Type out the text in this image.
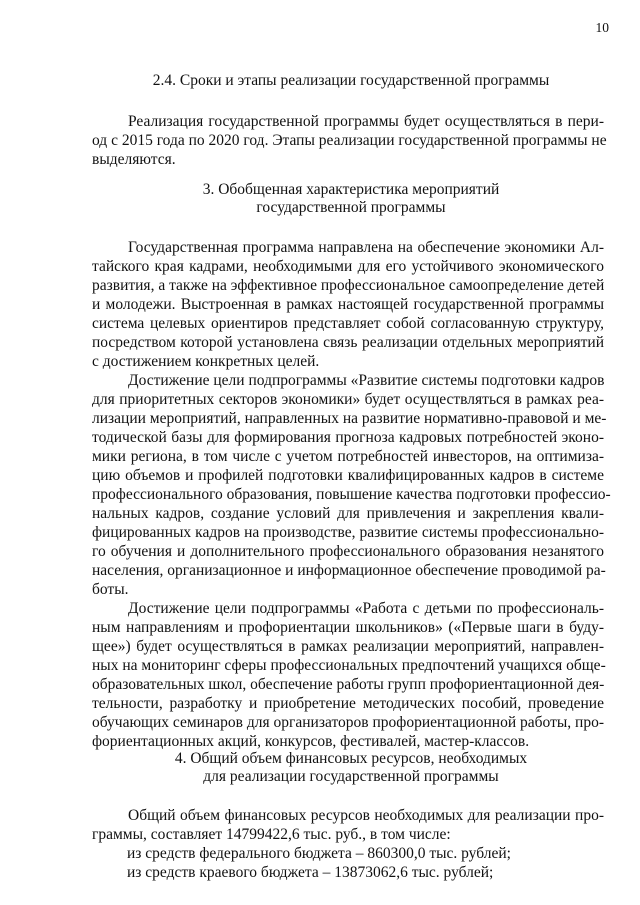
10
2.4. Сроки и этапы реализации государственной программы
Реализация государственной программы будет осуществляться в пери-
од с 2015 года по 2020 год. Этапы реализации государственной программы не
выделяются.
3. Обобщенная характеристика мероприятий
государственной программы
Государственная программа направлена на обеспечение экономики Ал-
тайского края кадрами, необходимыми для его устойчивого экономического
развития, а также на эффективное профессиональное самоопределение детей
и молодежи. Выстроенная в рамках настоящей государственной программы
система целевых ориентиров представляет собой согласованную структуру,
посредством которой установлена связь реализации отдельных мероприятий
с достижением конкретных целей.
Достижение цели подпрограммы «Развитие системы подготовки кадров
для приоритетных секторов экономики» будет осуществляться в рамках реа-
лизации мероприятий, направленных на развитие нормативно-правовой и ме-
тодической базы для формирования прогноза кадровых потребностей эконо-
мики региона, в том числе с учетом потребностей инвесторов, на оптимиза-
цию объемов и профилей подготовки квалифицированных кадров в системе
профессионального образования, повышение качества подготовки профессио-
нальных кадров, создание условий для привлечения и закрепления квали-
фицированных кадров на производстве, развитие системы профессионально-
го обучения и дополнительного профессионального образования незанятого
населения, организационное и информационное обеспечение проводимой ра-
боты.
Достижение цели подпрограммы «Работа с детьми по профессиональ-
ным направлениям и профориентации школьников» («Первые шаги в буду-
щее») будет осуществляться в рамках реализации мероприятий, направлен-
ных на мониторинг сферы профессиональных предпочтений учащихся обще-
образовательных школ, обеспечение работы групп профориентационной дея-
тельности, разработку и приобретение методических пособий, проведение
обучающих семинаров для организаторов профориентационной работы, про-
фориентационных акций, конкурсов, фестивалей, мастер-классов.
4. Общий объем финансовых ресурсов, необходимых
для реализации государственной программы
Общий объем финансовых ресурсов необходимых для реализации про-
граммы, составляет 14799422,6 тыс. руб., в том числе:
из средств федерального бюджета – 860300,0 тыс. рублей;
из средств краевого бюджета – 13873062,6 тыс. рублей;
